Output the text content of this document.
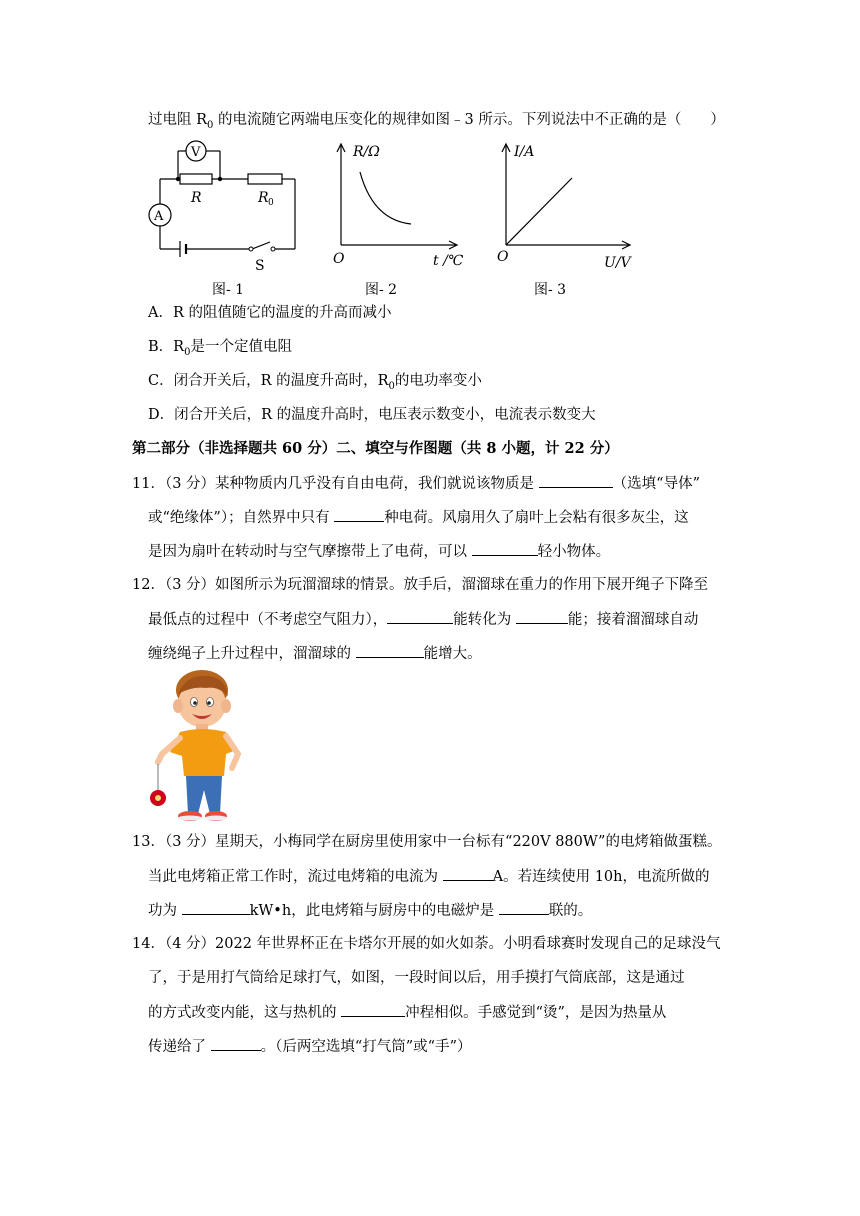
过电阻 $R_0$ 的电流随它两端电压变化的规律如图﹣3 所示。下列说法中不正确的是（　　）
V
A
R	R 0
S
图- 1
R/Ω
O	t /℃
图- 2
I/A
O	U/V
图- 3
A．R 的阻值随它的温度的升高而减小
B．$R_0$是一个定值电阻
C．闭合开关后，R 的温度升高时，$R_0$的电功率变小
D．闭合开关后，R 的温度升高时，电压表示数变小，电流表示数变大
第二部分（非选择题共 60 分）二、填空与作图题（共 8 小题，计 22 分）
11．（3 分）某种物质内几乎没有自由电荷，我们就说该物质是	（选填“导体”
或“绝缘体”）；自然界中只有	种电荷。风扇用久了扇叶上会粘有很多灰尘，这
是因为扇叶在转动时与空气摩擦带上了电荷，可以	轻小物体。
12．（3 分）如图所示为玩溜溜球的情景。放手后，溜溜球在重力的作用下展开绳子下降至
最低点的过程中（不考虑空气阻力），	能转化为	能；接着溜溜球自动
缠绕绳子上升过程中，溜溜球的	能增大。
13．（3 分）星期天，小梅同学在厨房里使用家中一台标有“220V 880W”的电烤箱做蛋糕。
当此电烤箱正常工作时，流过电烤箱的电流为	A。若连续使用 10h，电流所做的
功为	kW•h，此电烤箱与厨房中的电磁炉是	联的。
14．（4 分）2022 年世界杯正在卡塔尔开展的如火如荼。小明看球赛时发现自己的足球没气
了，于是用打气筒给足球打气，如图，一段时间以后，用手摸打气筒底部，这是通过
的方式改变内能，这与热机的	冲程相似。手感觉到“烫”，是因为热量从
传递给了	。（后两空选填“打气筒”或“手”）
